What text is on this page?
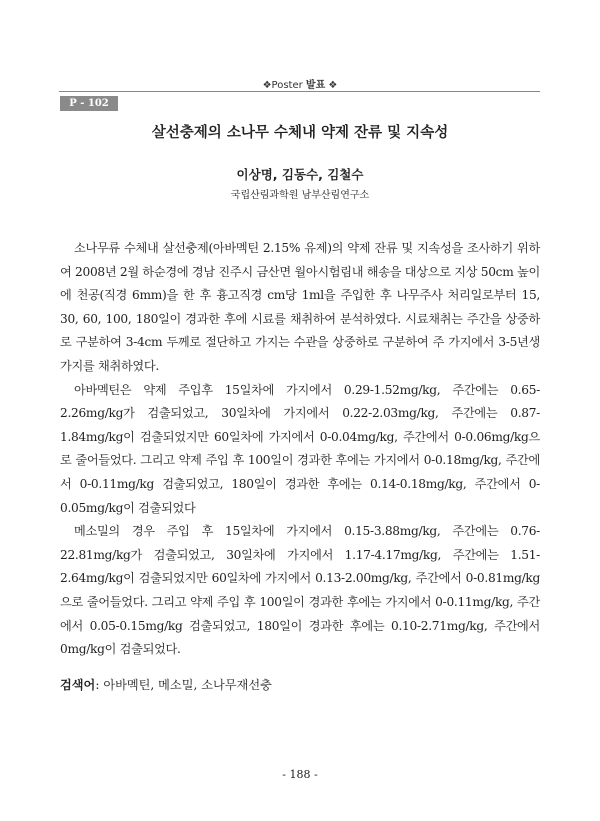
❖Poster 발표 ❖
P - 102
살선충제의 소나무 수체내 약제 잔류 및 지속성
이상명, 김동수, 김철수
국립산림과학원 남부산림연구소

소나무류 수체내 살선충제(아바멕틴 2.15% 유제)의 약제 잔류 및 지속성을 조사하기 위하여 2008년 2월 하순경에 경남 진주시 금산면 월아시험림내 해송을 대상으로 지상 50cm 높이에 천공(직경 6mm)을 한 후 흉고직경 cm당 1ml을 주입한 후 나무주사 처리일로부터 15, 30, 60, 100, 180일이 경과한 후에 시료를 채취하여 분석하였다. 시료채취는 주간을 상중하로 구분하여 3-4cm 두께로 절단하고 가지는 수관을 상중하로 구분하여 주 가지에서 3-5년생 가지를 채취하였다.

아바멕틴은 약제 주입후 15일차에 가지에서 0.29-1.52mg/kg, 주간에는 0.65-2.26mg/kg가 검출되었고, 30일차에 가지에서 0.22-2.03mg/kg, 주간에는 0.87-1.84mg/kg이 검출되었지만 60일차에 가지에서 0-0.04mg/kg, 주간에서 0-0.06mg/kg으로 줄어들었다. 그리고 약제 주입 후 100일이 경과한 후에는 가지에서 0-0.18mg/kg, 주간에서 0-0.11mg/kg 검출되었고, 180일이 경과한 후에는 0.14-0.18mg/kg, 주간에서 0-0.05mg/kg이 검출되었다

메소밀의 경우 주입 후 15일차에 가지에서 0.15-3.88mg/kg, 주간에는 0.76-22.81mg/kg가 검출되었고, 30일차에 가지에서 1.17-4.17mg/kg, 주간에는 1.51-2.64mg/kg이 검출되었지만 60일차에 가지에서 0.13-2.00mg/kg, 주간에서 0-0.81mg/kg으로 줄어들었다. 그리고 약제 주입 후 100일이 경과한 후에는 가지에서 0-0.11mg/kg, 주간에서 0.05-0.15mg/kg 검출되었고, 180일이 경과한 후에는 0.10-2.71mg/kg, 주간에서 0mg/kg이 검출되었다.

검색어: 아바멕틴, 메소밀, 소나무재선충
- 188 -
